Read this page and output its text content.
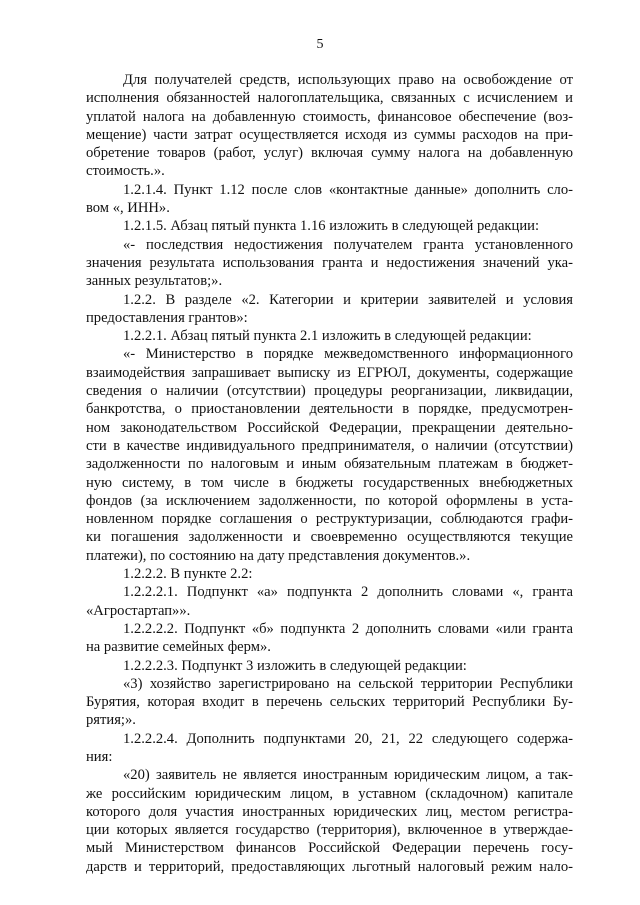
5
Для получателей средств, использующих право на освобождение от
исполнения обязанностей налогоплательщика, связанных с исчислением и
уплатой налога на добавленную стоимость, финансовое обеспечение (воз-
мещение) части затрат осуществляется исходя из суммы расходов на при-
обретение товаров (работ, услуг) включая сумму налога на добавленную
стоимость.».
1.2.1.4. Пункт 1.12 после слов «контактные данные» дополнить сло-
вом «, ИНН».
1.2.1.5. Абзац пятый пункта 1.16 изложить в следующей редакции:
«- последствия недостижения получателем гранта установленного
значения результата использования гранта и недостижения значений ука-
занных результатов;».
1.2.2. В разделе «2. Категории и критерии заявителей и условия
предоставления грантов»:
1.2.2.1. Абзац пятый пункта 2.1 изложить в следующей редакции:
«- Министерство в порядке межведомственного информационного
взаимодействия запрашивает выписку из ЕГРЮЛ, документы, содержащие
сведения о наличии (отсутствии) процедуры реорганизации, ликвидации,
банкротства, о приостановлении деятельности в порядке, предусмотрен-
ном законодательством Российской Федерации, прекращении деятельно-
сти в качестве индивидуального предпринимателя, о наличии (отсутствии)
задолженности по налоговым и иным обязательным платежам в бюджет-
ную систему, в том числе в бюджеты государственных внебюджетных
фондов (за исключением задолженности, по которой оформлены в уста-
новленном порядке соглашения о реструктуризации, соблюдаются графи-
ки погашения задолженности и своевременно осуществляются текущие
платежи), по состоянию на дату представления документов.».
1.2.2.2. В пункте 2.2:
1.2.2.2.1. Подпункт «а» подпункта 2 дополнить словами «, гранта
«Агростартап»».
1.2.2.2.2. Подпункт «б» подпункта 2 дополнить словами «или гранта
на развитие семейных ферм».
1.2.2.2.3. Подпункт 3 изложить в следующей редакции:
«3) хозяйство зарегистрировано на сельской территории Республики
Бурятия, которая входит в перечень сельских территорий Республики Бу-
рятия;».
1.2.2.2.4. Дополнить подпунктами 20, 21, 22 следующего содержа-
ния:
«20) заявитель не является иностранным юридическим лицом, а так-
же российским юридическим лицом, в уставном (складочном) капитале
которого доля участия иностранных юридических лиц, местом регистра-
ции которых является государство (территория), включенное в утверждае-
мый Министерством финансов Российской Федерации перечень госу-
дарств и территорий, предоставляющих льготный налоговый режим нало-
